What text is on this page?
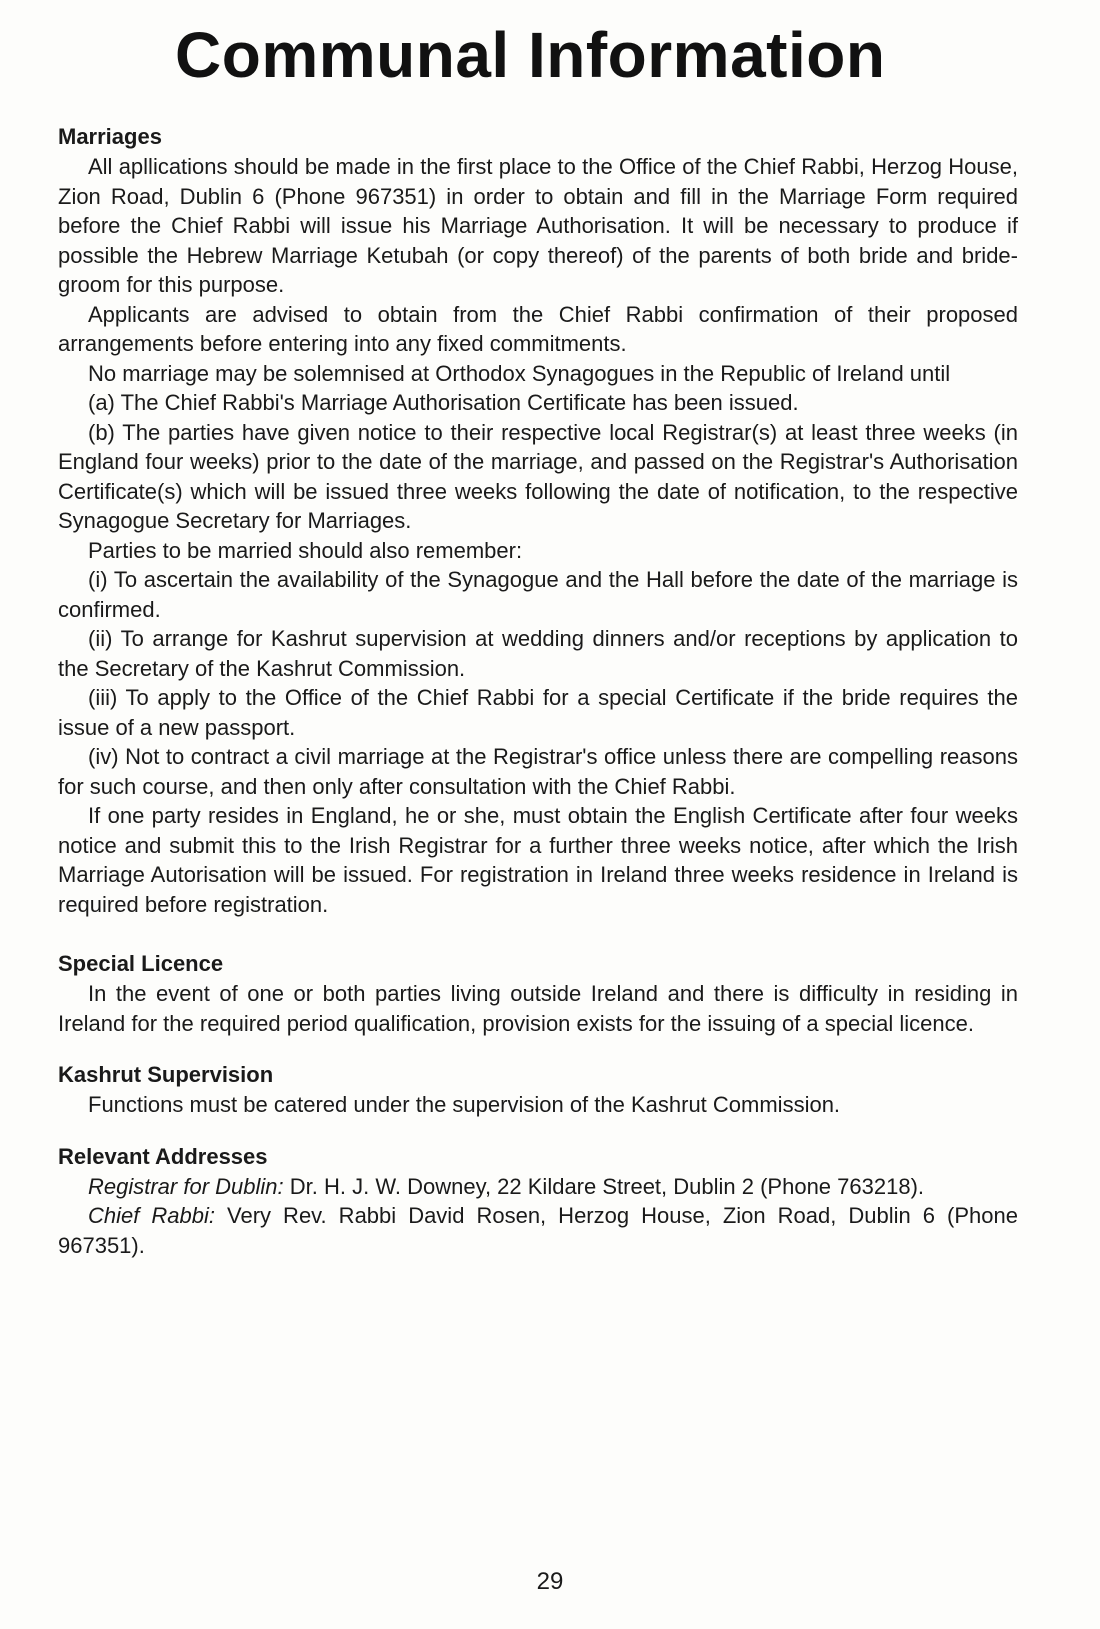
Communal Information

Marriages

All apllications should be made in the first place to the Office of the Chief Rabbi, Herzog House, Zion Road, Dublin 6 (Phone 967351) in order to obtain and fill in the Marriage Form required before the Chief Rabbi will issue his Marriage Authorisation. It will be necessary to produce if possible the Hebrew Marriage Ketubah (or copy thereof) of the parents of both bride and bride-groom for this purpose.

Applicants are advised to obtain from the Chief Rabbi confirmation of their proposed arrangements before entering into any fixed commitments.

No marriage may be solemnised at Orthodox Synagogues in the Republic of Ireland until

(a) The Chief Rabbi's Marriage Authorisation Certificate has been issued.

(b) The parties have given notice to their respective local Registrar(s) at least three weeks (in England four weeks) prior to the date of the marriage, and passed on the Registrar's Authorisation Certificate(s) which will be issued three weeks following the date of notification, to the respective Synagogue Secretary for Marriages.

Parties to be married should also remember:

(i) To ascertain the availability of the Synagogue and the Hall before the date of the marriage is confirmed.

(ii) To arrange for Kashrut supervision at wedding dinners and/or receptions by application to the Secretary of the Kashrut Commission.

(iii) To apply to the Office of the Chief Rabbi for a special Certificate if the bride requires the issue of a new passport.

(iv) Not to contract a civil marriage at the Registrar's office unless there are compelling reasons for such course, and then only after consultation with the Chief Rabbi.

If one party resides in England, he or she, must obtain the English Certificate after four weeks notice and submit this to the Irish Registrar for a further three weeks notice, after which the Irish Marriage Autorisation will be issued. For registration in Ireland three weeks residence in Ireland is required before registration.

Special Licence

In the event of one or both parties living outside Ireland and there is difficulty in residing in Ireland for the required period qualification, provision exists for the issuing of a special licence.

Kashrut Supervision

Functions must be catered under the supervision of the Kashrut Commission.

Relevant Addresses

Registrar for Dublin: Dr. H. J. W. Downey, 22 Kildare Street, Dublin 2 (Phone 763218).

Chief Rabbi: Very Rev. Rabbi David Rosen, Herzog House, Zion Road, Dublin 6 (Phone 967351).

29
